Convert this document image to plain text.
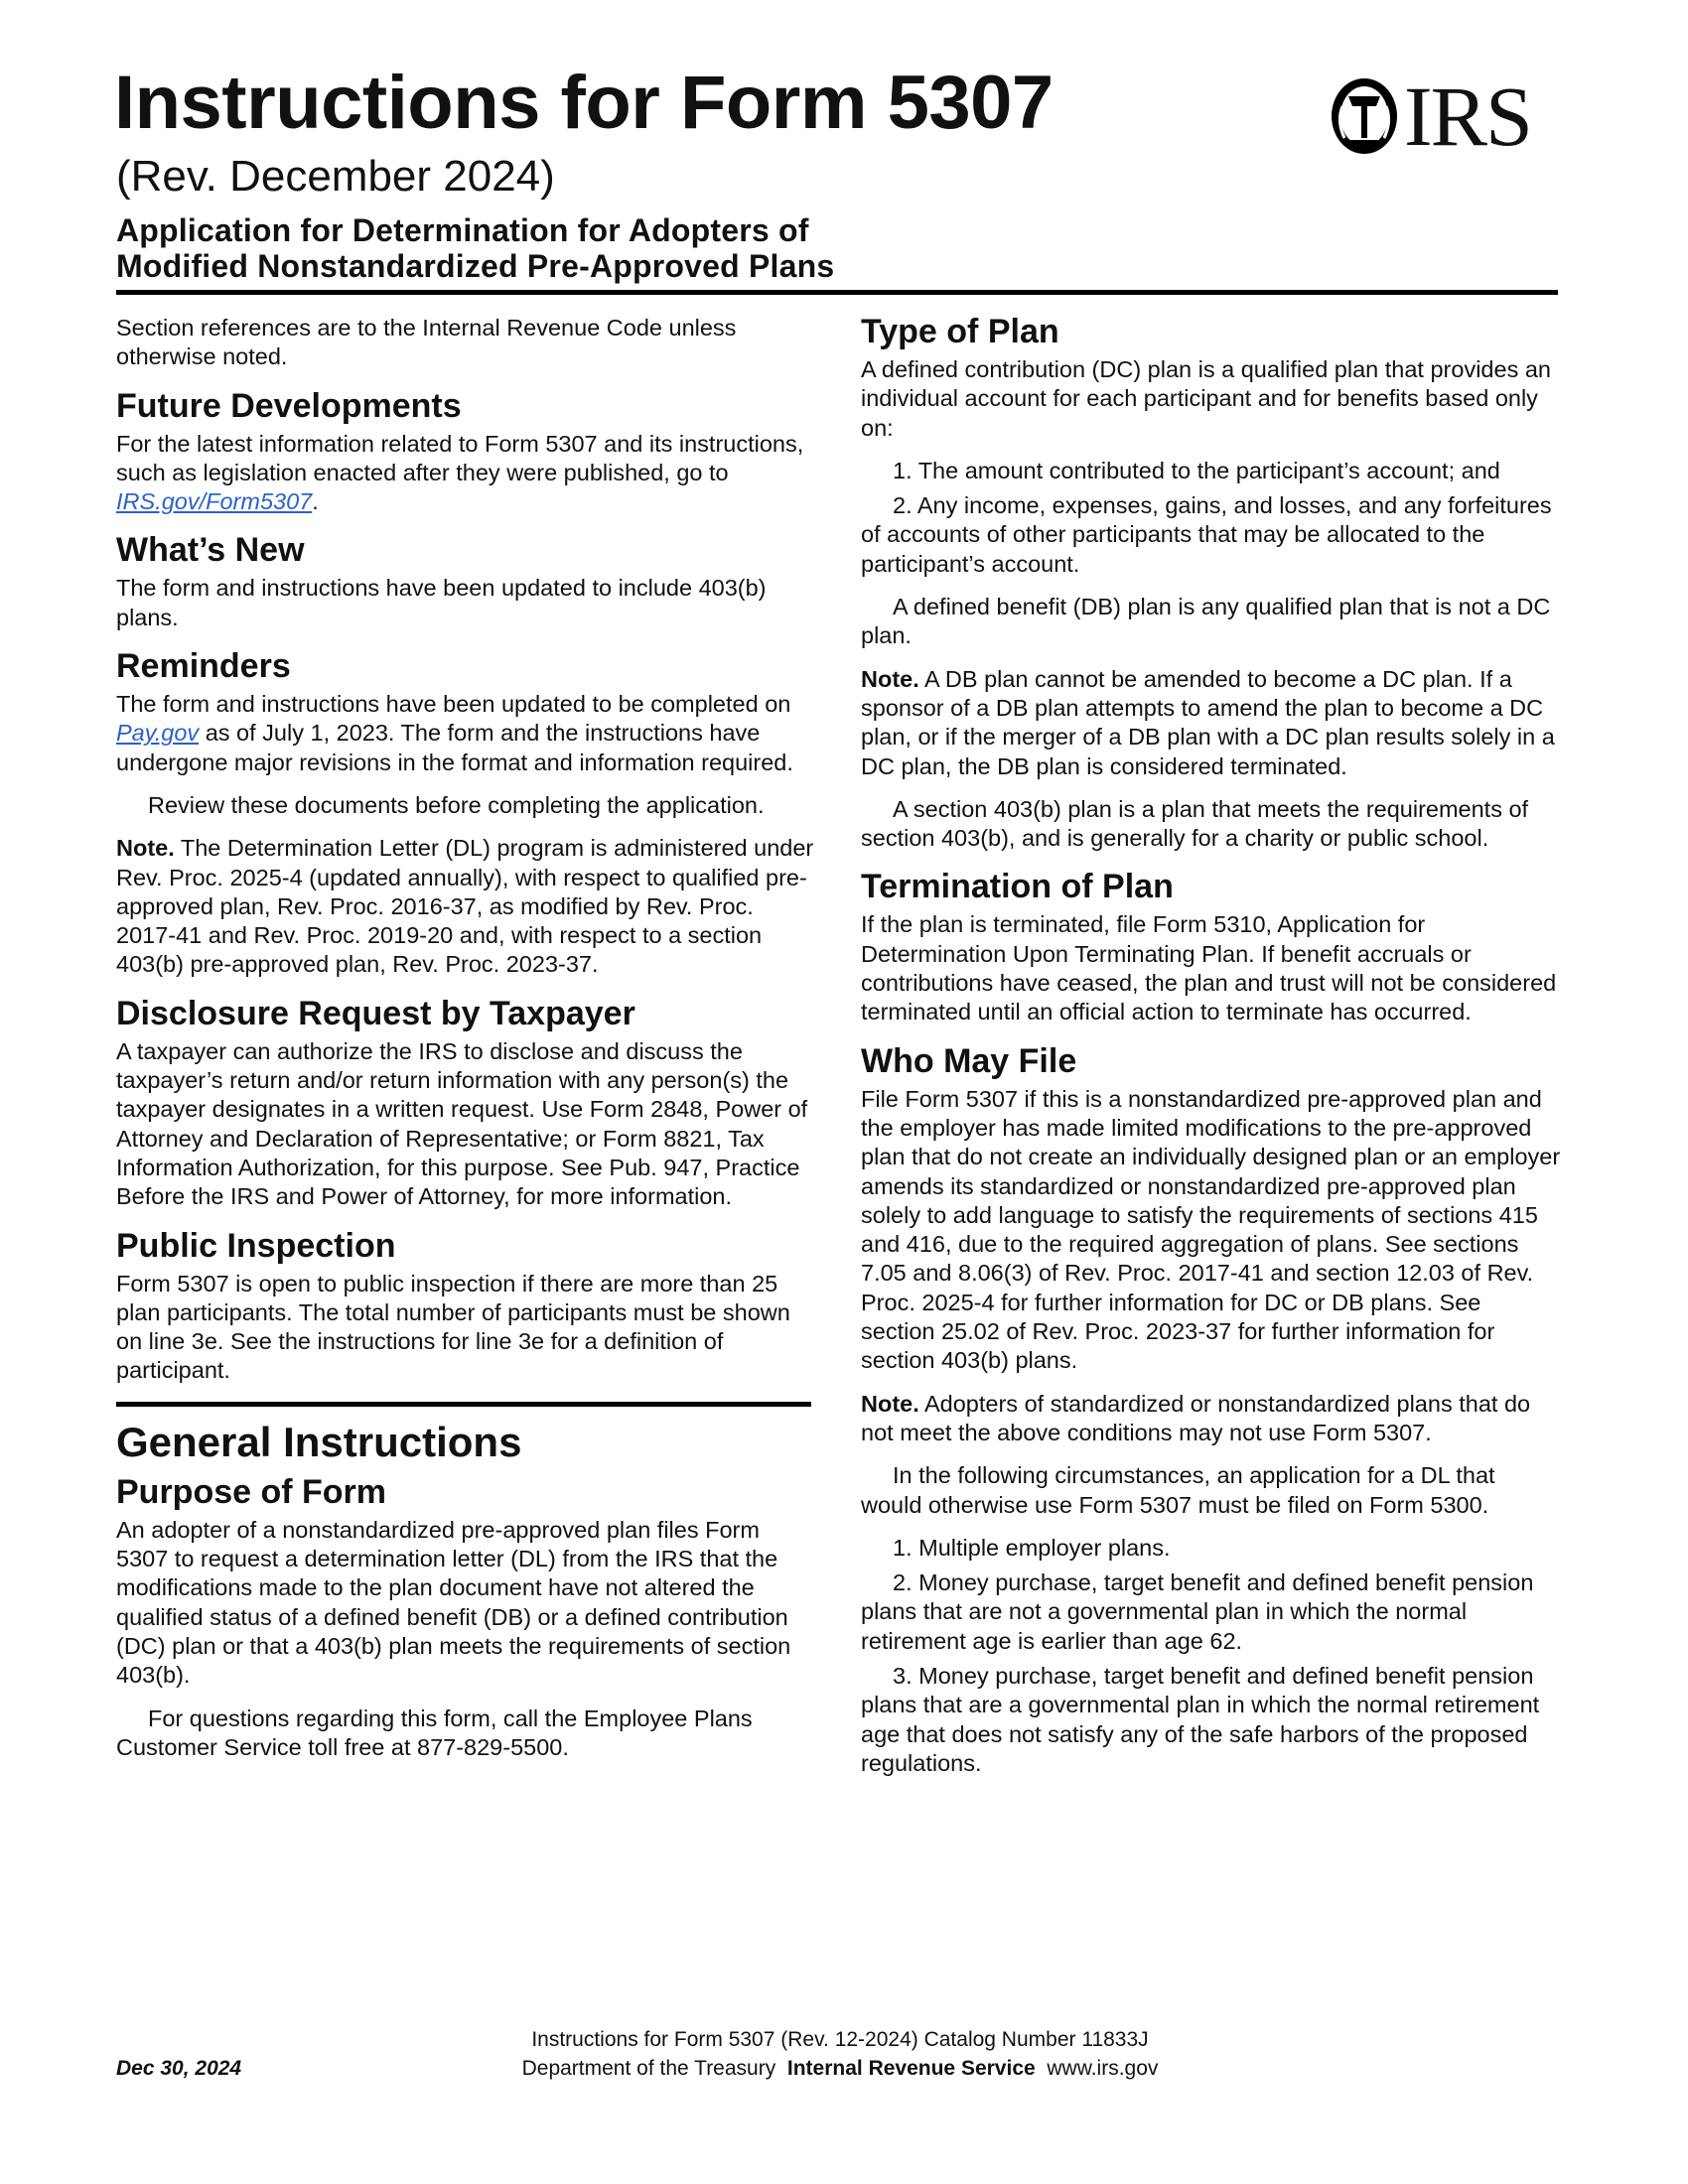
Instructions for Form 5307
(Rev. December 2024)
Application for Determination for Adopters of
Modified Nonstandardized Pre-Approved Plans
IRS

Section references are to the Internal Revenue Code unless otherwise noted.

Future Developments

For the latest information related to Form 5307 and its instructions, such as legislation enacted after they were published, go to IRS.gov/Form5307.

What’s New

The form and instructions have been updated to include 403(b) plans.

Reminders

The form and instructions have been updated to be completed on Pay.gov as of July 1, 2023. The form and the instructions have undergone major revisions in the format and information required.

Review these documents before completing the application.

Note. The Determination Letter (DL) program is administered under Rev. Proc. 2025-4 (updated annually), with respect to qualified pre-approved plan, Rev. Proc. 2016-37, as modified by Rev. Proc. 2017-41 and Rev. Proc. 2019-20 and, with respect to a section 403(b) pre-approved plan, Rev. Proc. 2023-37.

Disclosure Request by Taxpayer

A taxpayer can authorize the IRS to disclose and discuss the taxpayer’s return and/or return information with any person(s) the taxpayer designates in a written request. Use Form 2848, Power of Attorney and Declaration of Representative; or Form 8821, Tax Information Authorization, for this purpose. See Pub. 947, Practice Before the IRS and Power of Attorney, for more information.

Public Inspection

Form 5307 is open to public inspection if there are more than 25 plan participants. The total number of participants must be shown on line 3e. See the instructions for line 3e for a definition of participant.

General Instructions
Purpose of Form

An adopter of a nonstandardized pre-approved plan files Form 5307 to request a determination letter (DL) from the IRS that the modifications made to the plan document have not altered the qualified status of a defined benefit (DB) or a defined contribution (DC) plan or that a 403(b) plan meets the requirements of section 403(b).

For questions regarding this form, call the Employee Plans Customer Service toll free at 877-829-5500.

Type of Plan

A defined contribution (DC) plan is a qualified plan that provides an individual account for each participant and for benefits based only on:

1. The amount contributed to the participant’s account; and

2. Any income, expenses, gains, and losses, and any forfeitures of accounts of other participants that may be allocated to the participant’s account.

A defined benefit (DB) plan is any qualified plan that is not a DC plan.

Note. A DB plan cannot be amended to become a DC plan. If a sponsor of a DB plan attempts to amend the plan to become a DC plan, or if the merger of a DB plan with a DC plan results solely in a DC plan, the DB plan is considered terminated.

A section 403(b) plan is a plan that meets the requirements of section 403(b), and is generally for a charity or public school.

Termination of Plan

If the plan is terminated, file Form 5310, Application for Determination Upon Terminating Plan. If benefit accruals or contributions have ceased, the plan and trust will not be considered terminated until an official action to terminate has occurred.

Who May File

File Form 5307 if this is a nonstandardized pre-approved plan and the employer has made limited modifications to the pre-approved plan that do not create an individually designed plan or an employer amends its standardized or nonstandardized pre-approved plan solely to add language to satisfy the requirements of sections 415 and 416, due to the required aggregation of plans. See sections 7.05 and 8.06(3) of Rev. Proc. 2017-41 and section 12.03 of Rev. Proc. 2025-4 for further information for DC or DB plans. See section 25.02 of Rev. Proc. 2023-37 for further information for section 403(b) plans.

Note. Adopters of standardized or nonstandardized plans that do not meet the above conditions may not use Form 5307.

In the following circumstances, an application for a DL that would otherwise use Form 5307 must be filed on Form 5300.

1. Multiple employer plans.

2. Money purchase, target benefit and defined benefit pension plans that are not a governmental plan in which the normal retirement age is earlier than age 62.

3. Money purchase, target benefit and defined benefit pension plans that are a governmental plan in which the normal retirement age that does not satisfy any of the safe harbors of the proposed regulations.

Instructions for Form 5307 (Rev. 12-2024) Catalog Number 11833J
Department of the Treasury Internal Revenue Service www.irs.gov
Dec 30, 2024
